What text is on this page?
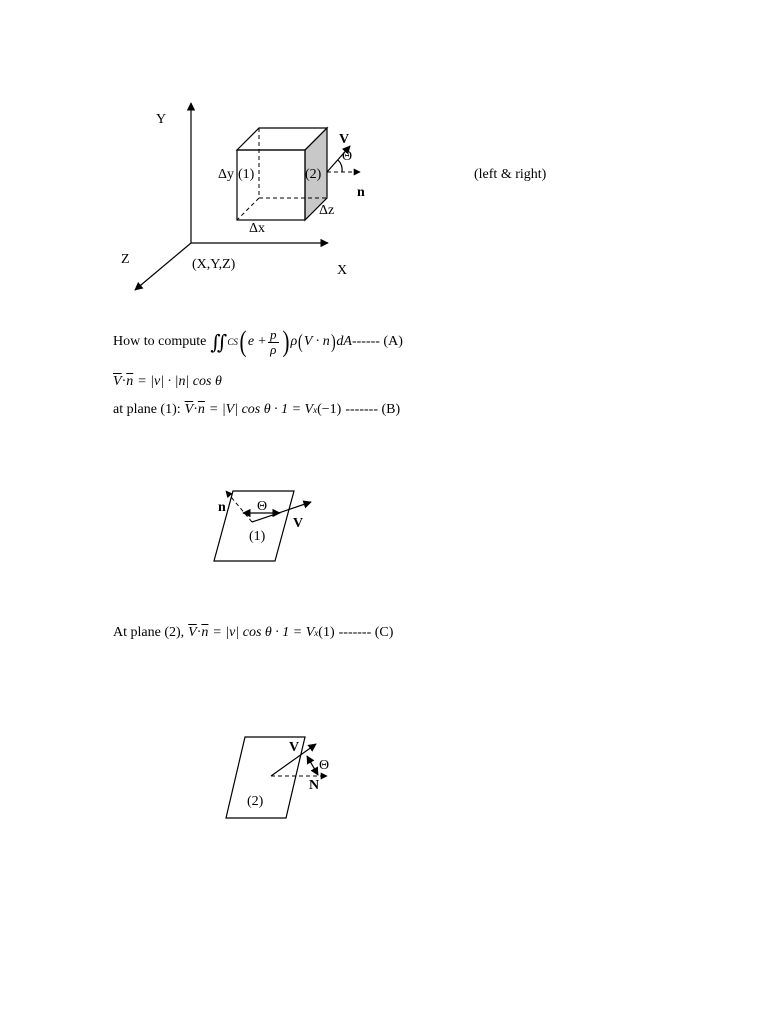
Y
X
Z	(X,Y,Z)
Δy (1)	(2)
Δx
Δz
V
Θ
n
(left & right)
How to compute ∬ CS ( $e + \frac{p}{\rho}$ ) ρ ( V · n ) dA ------ (A)
$\overline{V} \cdot \overline{n} = |v| \cdot |n|$ cos θ
at plane (1): $\overline{V} \cdot \overline{n} = |V|$ cos θ · 1 = V x (−1) ------- (B)
n Θ
V
(1)
At plane (2), $\overline{V} \cdot \overline{n} = |v|$ cos θ · 1 = V x (1) ------- (C)
V
Θ
N
(2)
